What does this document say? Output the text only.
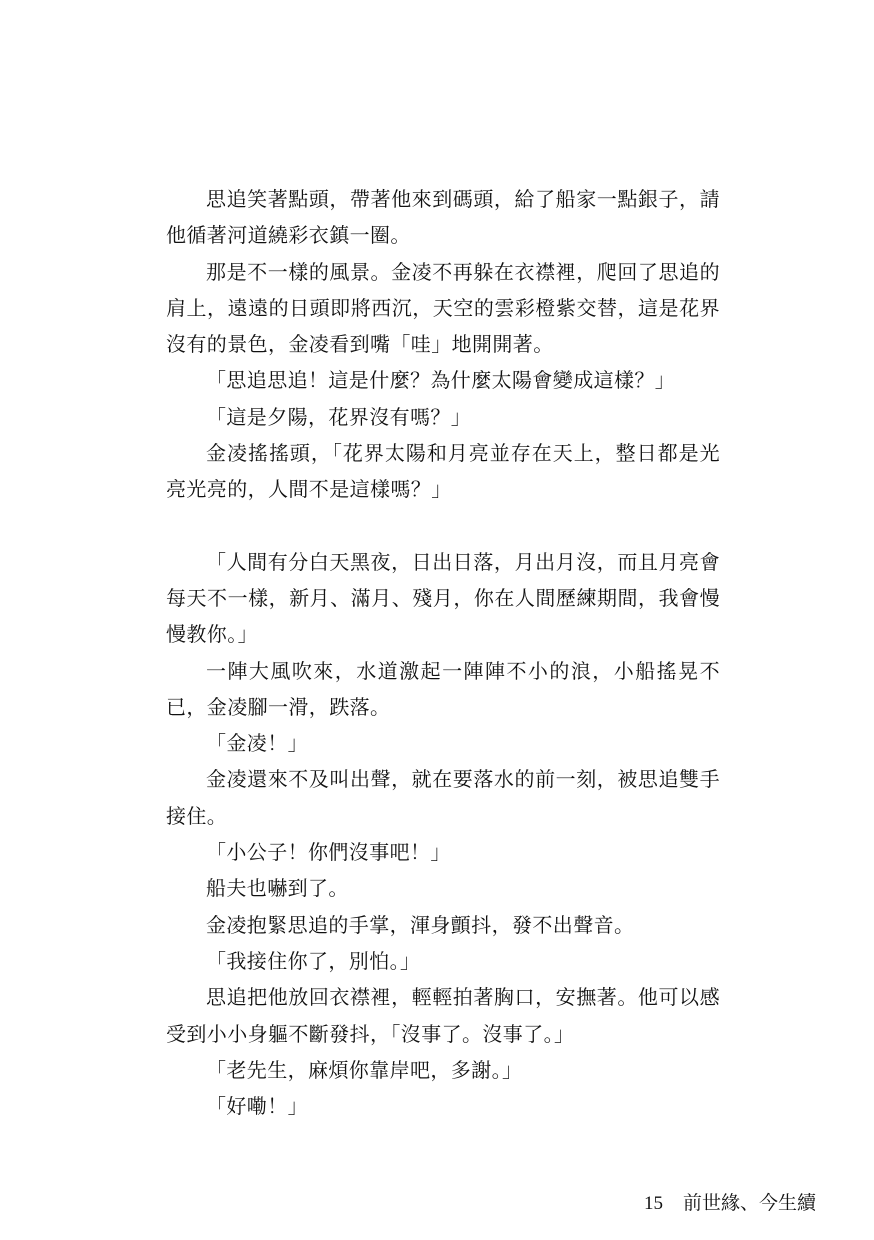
思追笑著點頭，帶著他來到碼頭，給了船家一點銀子，請他循著河道繞彩衣鎮一圈。

那是不一樣的風景。金凌不再躲在衣襟裡，爬回了思追的肩上，遠遠的日頭即將西沉，天空的雲彩橙紫交替，這是花界沒有的景色，金凌看到嘴「哇」地開開著。

「思追思追！這是什麼？為什麼太陽會變成這樣？」

「這是夕陽，花界沒有嗎？」

金凌搖搖頭，「花界太陽和月亮並存在天上，整日都是光亮光亮的，人間不是這樣嗎？」

「人間有分白天黑夜，日出日落，月出月沒，而且月亮會每天不一樣，新月、滿月、殘月，你在人間歷練期間，我會慢慢教你。」

一陣大風吹來，水道激起一陣陣不小的浪，小船搖晃不已，金凌腳一滑，跌落。

「金凌！」

金凌還來不及叫出聲，就在要落水的前一刻，被思追雙手接住。

「小公子！你們沒事吧！」

船夫也嚇到了。

金凌抱緊思追的手掌，渾身顫抖，發不出聲音。

「我接住你了，別怕。」

思追把他放回衣襟裡，輕輕拍著胸口，安撫著。他可以感受到小小身軀不斷發抖，「沒事了。沒事了。」

「老先生，麻煩你靠岸吧，多謝。」

「好嘞！」

15 前世緣、今生續
